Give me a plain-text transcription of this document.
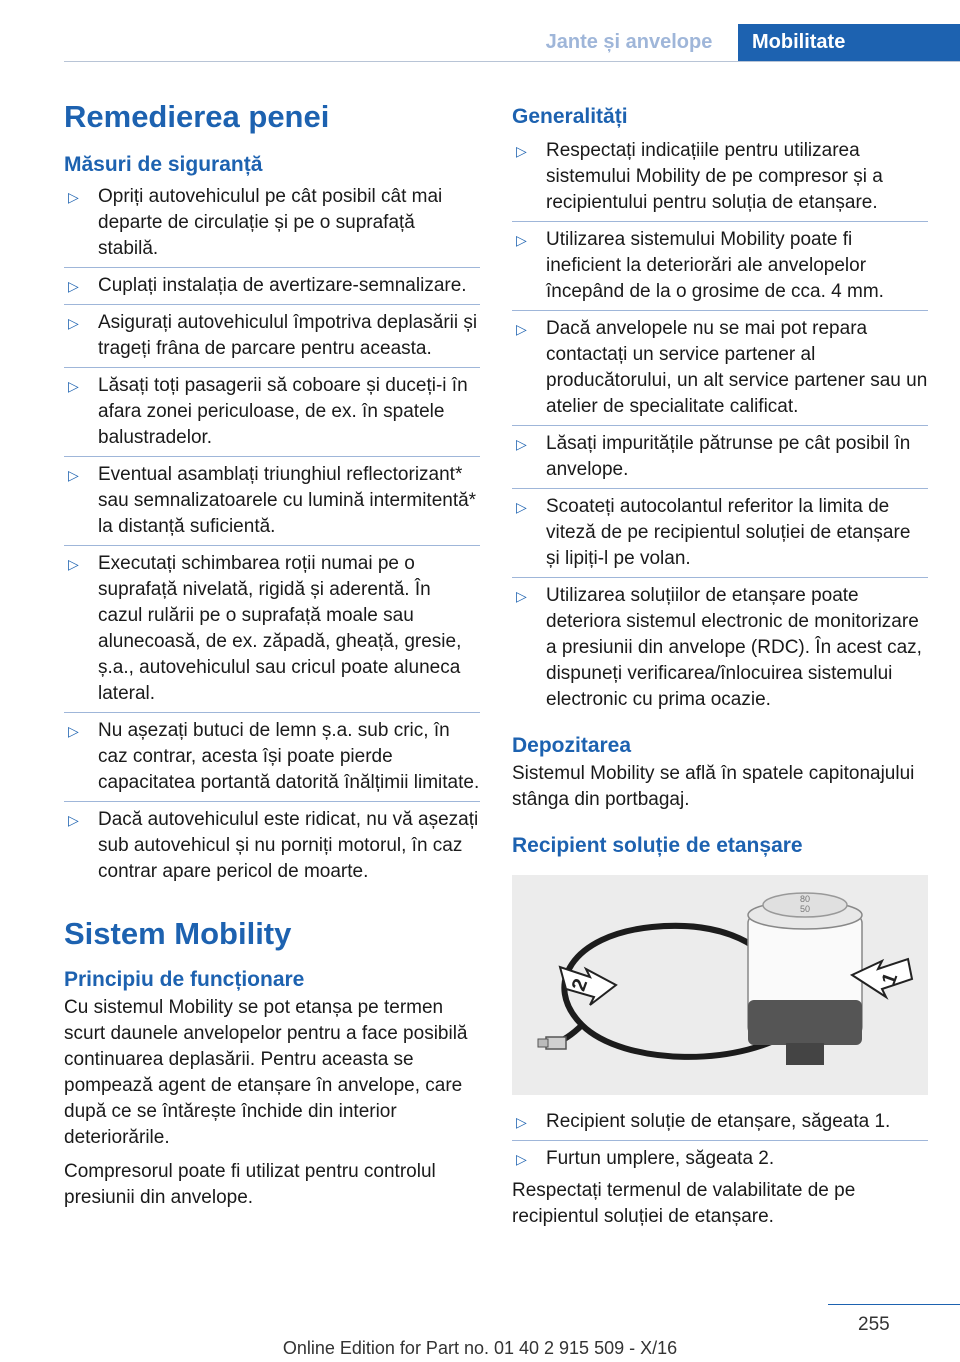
Jante și anvelope	Mobilitate
Remedierea penei
Măsuri de siguranță
▷ Opriți autovehiculul pe cât posibil cât mai departe de circulație și pe o suprafață stabilă.
▷ Cuplați instalația de avertizare-semnalizare.
▷ Asigurați autovehiculul împotriva deplasării și trageți frâna de parcare pentru aceasta.
▷ Lăsați toți pasagerii să coboare și duceți-i în afara zonei periculoase, de ex. în spatele balustradelor.
▷ Eventual asamblați triunghiul reflectorizant* sau semnalizatoarele cu lumină intermitentă* la distanță suficientă.
▷ Executați schimbarea roții numai pe o suprafață nivelată, rigidă și aderentă. În cazul rulării pe o suprafață moale sau alunecoasă, de ex. zăpadă, gheață, gresie, ș.a., autovehiculul sau cricul poate aluneca lateral.
▷ Nu așezați butuci de lemn ș.a. sub cric, în caz contrar, acesta își poate pierde capacitatea portantă datorită înălțimii limitate.
▷ Dacă autovehiculul este ridicat, nu vă așezați sub autovehicul și nu porniți motorul, în caz contrar apare pericol de moarte.
Sistem Mobility
Principiu de funcționare

Cu sistemul Mobility se pot etanșa pe termen scurt daunele anvelopelor pentru a face posibilă continuarea deplasării. Pentru aceasta se pompează agent de etanșare în anvelope, care după ce se întărește închide din interior deteriorările.

Compresorul poate fi utilizat pentru controlul presiunii din anvelope.

Generalități
▷ Respectați indicațiile pentru utilizarea sistemului Mobility de pe compresor și a recipientului pentru soluția de etanșare.
▷ Utilizarea sistemului Mobility poate fi ineficient la deteriorări ale anvelopelor începând de la o grosime de cca. 4 mm.
▷ Dacă anvelopele nu se mai pot repara contactați un service partener al producătorului, un alt service partener sau un atelier de specialitate calificat.
▷ Lăsați impuritățile pătrunse pe cât posibil în anvelope.
▷ Scoateți autocolantul referitor la limita de viteză de pe recipientul soluției de etanșare și lipiți-l pe volan.
▷ Utilizarea soluțiilor de etanșare poate deteriora sistemul electronic de monitorizare a presiunii din anvelope (RDC). În acest caz, dispuneți verificarea/înlocuirea sistemului electronic cu prima ocazie.
Depozitarea

Sistemul Mobility se află în spatele capitonajului stânga din portbagaj.

Recipient soluție de etanșare
80
50
1
2
▷ Recipient soluție de etanșare, săgeata 1.
▷ Furtun umplere, săgeata 2.

Respectați termenul de valabilitate de pe recipientul soluției de etanșare.

255
Online Edition for Part no. 01 40 2 915 509 - X/16
